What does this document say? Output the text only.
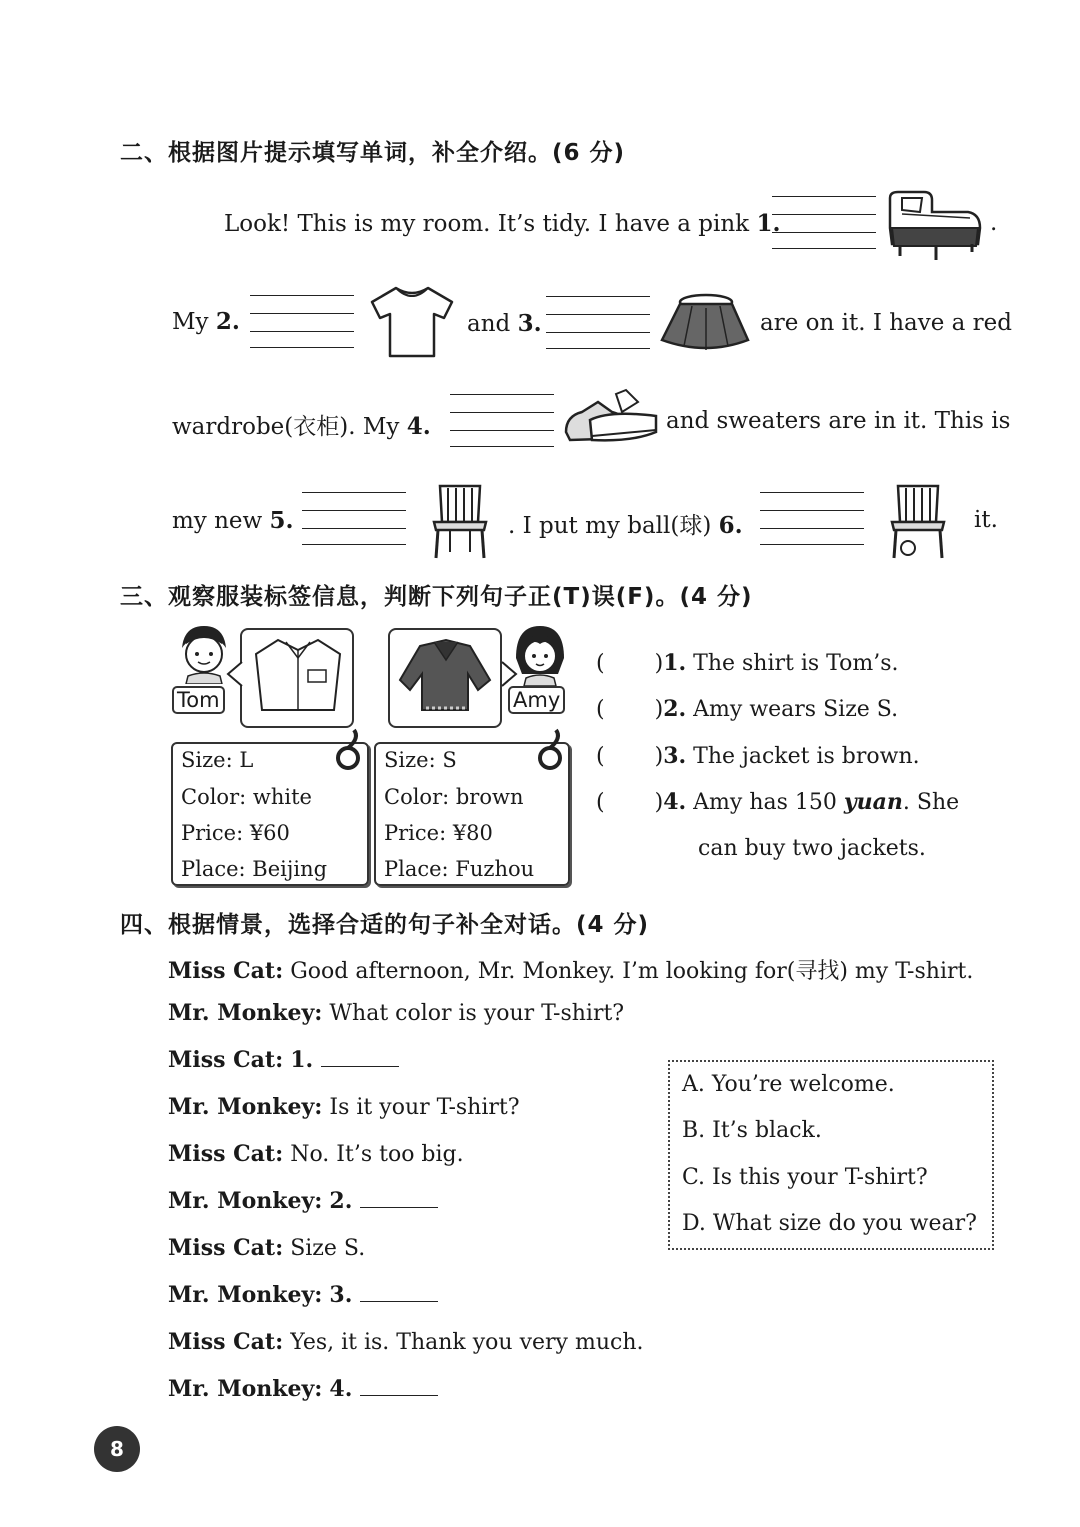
二、根据图片提示填写单词，补全介绍。(6 分)
Look! This is my room. It’s tidy. I have a pink 1.	.
My 2.	and 3.	are on it. I have a red
wardrobe(衣柜). My 4.	and sweaters are in it. This is
my new 5.	. I put my ball(球) 6.	it.
三、观察服装标签信息，判断下列句子正(T)误(F)。(4 分)
Tom
Size: L
Color: white
Price: ¥60
Place: Beijing
Amy
Size: S
Color: brown
Price: ¥80
Place: Fuzhou
( )1. The shirt is Tom’s.
( )2. Amy wears Size S.
( )3. The jacket is brown.
( )4. Amy has 150 yuan. She
can buy two jackets.
四、根据情景，选择合适的句子补全对话。(4 分)
Miss Cat: Good afternoon, Mr. Monkey. I’m looking for(寻找) my T-shirt.
Mr. Monkey: What color is your T-shirt?
Miss Cat: 1.
Mr. Monkey: Is it your T-shirt?
Miss Cat: No. It’s too big.
Mr. Monkey: 2.
Miss Cat: Size S.
Mr. Monkey: 3.
Miss Cat: Yes, it is. Thank you very much.
Mr. Monkey: 4.
A. You’re welcome.
B. It’s black.
C. Is this your T-shirt?
D. What size do you wear?
8
